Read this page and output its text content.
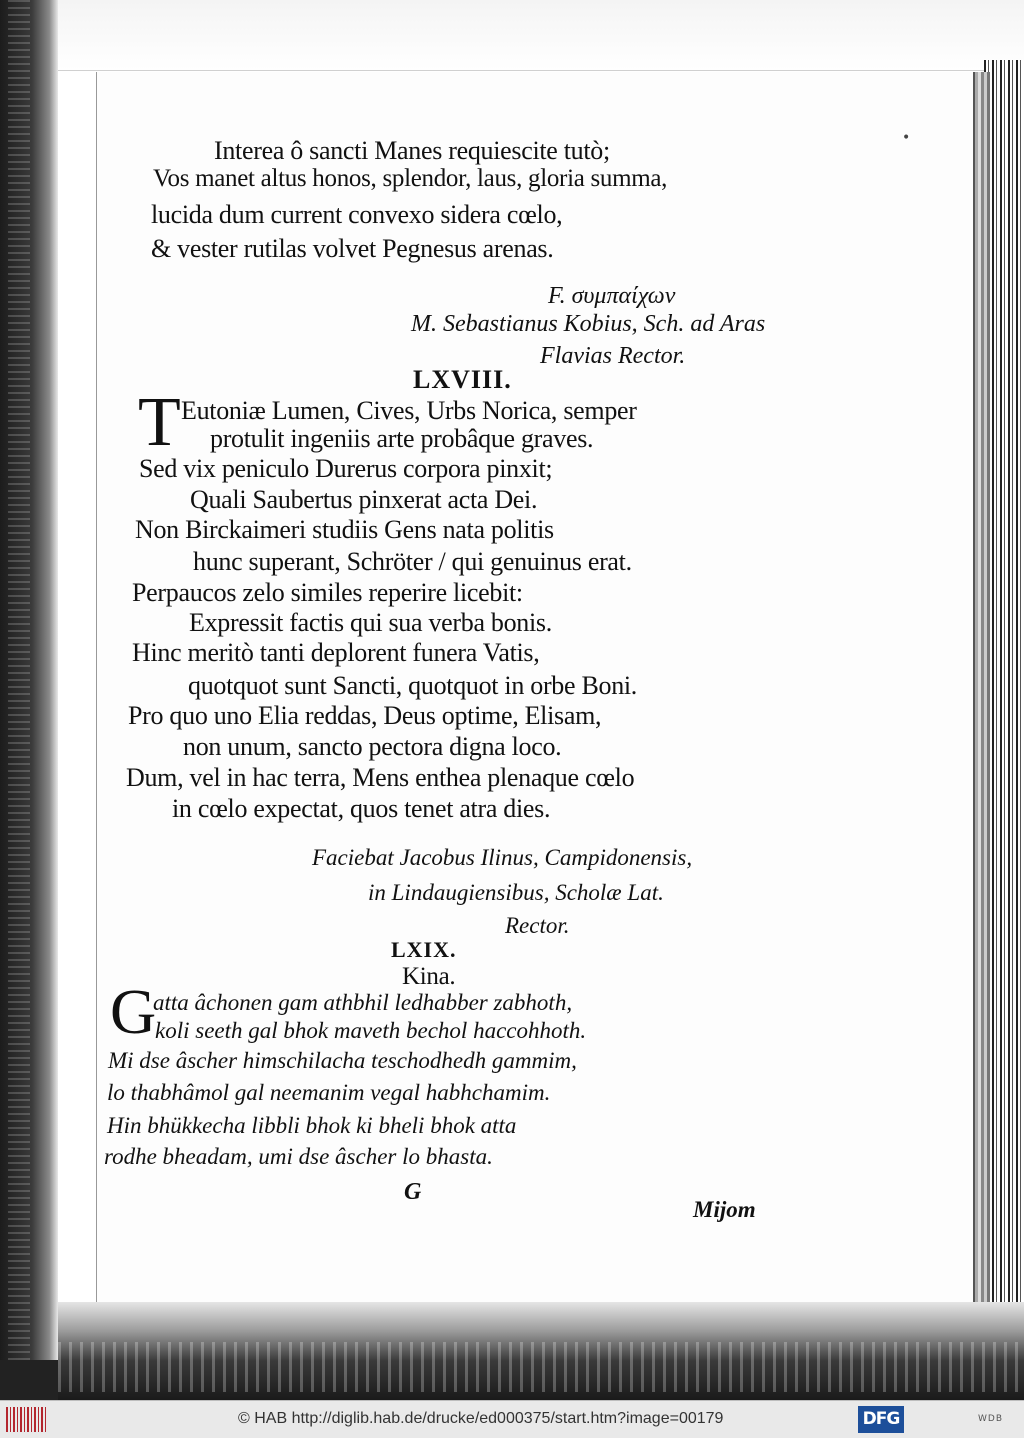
•
Interea ô sancti Manes requiescite tutò;
Vos manet altus honos, splendor, laus, gloria summa,
lucida dum current convexo sidera cœlo,
& vester rutilas volvet Pegnesus arenas.
F. συμπαίχων
M. Sebastianus Kobius, Sch. ad Aras
Flavias Rector.
LXVIII.
T Eutoniæ Lumen, Cives, Urbs Norica, semper
protulit ingeniis arte probâque graves.
Sed vix peniculo Durerus corpora pinxit;
Quali Saubertus pinxerat acta Dei.
Non Birckaimeri studiis Gens nata politis
hunc superant, Schröter / qui genuinus erat.
Perpaucos zelo similes reperire licebit:
Expressit factis qui sua verba bonis.
Hinc meritò tanti deplorent funera Vatis,
quotquot sunt Sancti, quotquot in orbe Boni.
Pro quo uno Elia reddas, Deus optime, Elisam,
non unum, sancto pectora digna loco.
Dum, vel in hac terra, Mens enthea plenaque cœlo
in cœlo expectat, quos tenet atra dies.
Faciebat Jacobus Ilinus, Campidonensis,
in Lindaugiensibus, Scholæ Lat.
Rector.
LXIX.
Kina.
G
atta âchonen gam athbhil ledhabber zabhoth,
koli seeth gal bhok maveth bechol haccohhoth.
Mi dse âscher himschilacha teschodhedh gammim,
lo thabhâmol gal neemanim vegal habhchamim.
Hin bhükkecha libbli bhok ki bheli bhok atta
rodhe bheadam, umi dse âscher lo bhasta.
G
Mijom
© HAB http://diglib.hab.de/drucke/ed000375/start.htm?image=00179	DFG	WDB
